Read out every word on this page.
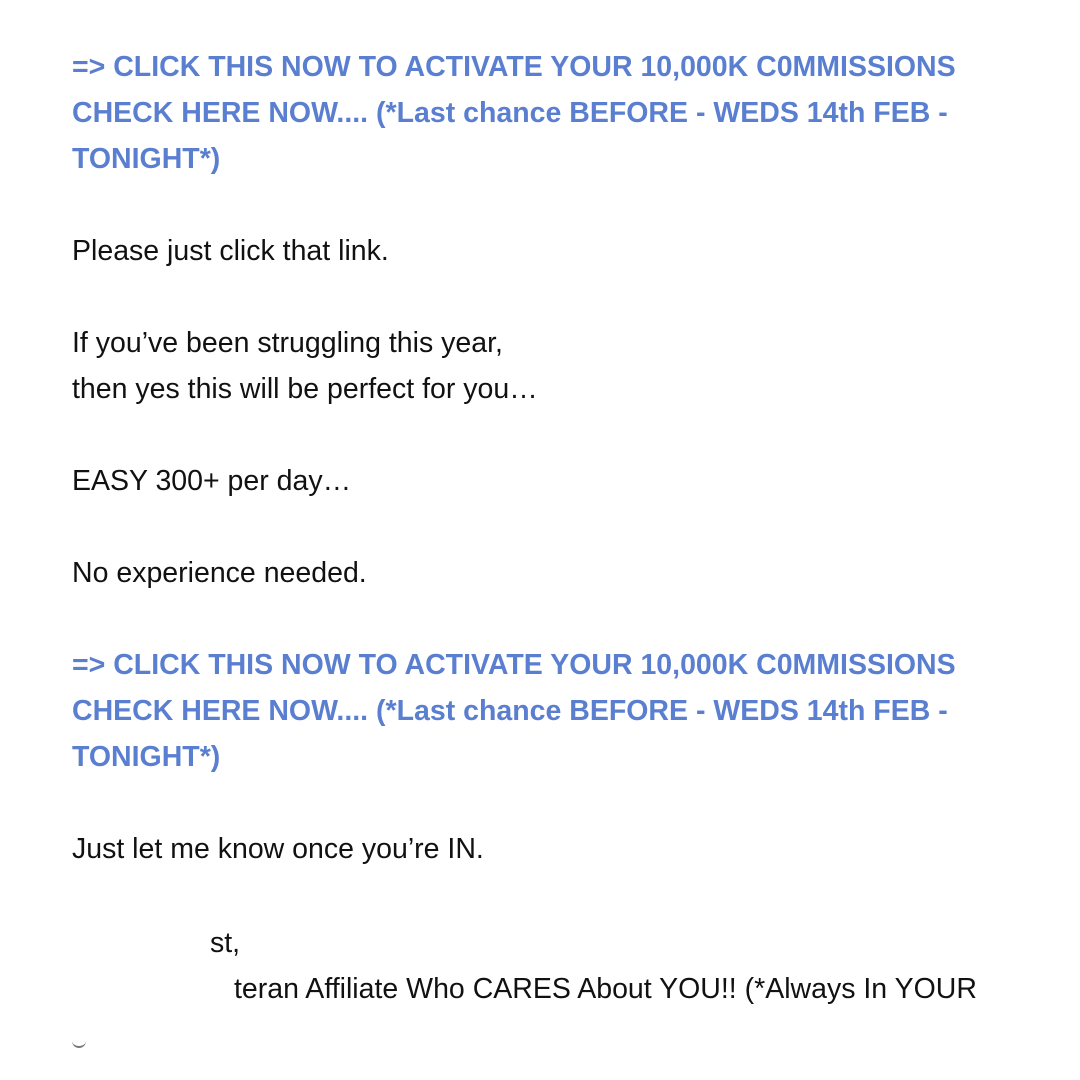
=> CLICK THIS NOW TO ACTIVATE YOUR 10,000K C0MMISSIONS CHECK HERE NOW.... (*Last chance BEFORE - WEDS 14th FEB - TONIGHT*)

Please just click that link.

If you’ve been struggling this year,

then yes this will be perfect for you…

EASY 300+ per day…

No experience needed.

=> CLICK THIS NOW TO ACTIVATE YOUR 10,000K C0MMISSIONS CHECK HERE NOW.... (*Last chance BEFORE - WEDS 14th FEB - TONIGHT*)

Just let me know once you’re IN.

st,
teran Affiliate Who CARES About YOU!! (*Always In YOUR
